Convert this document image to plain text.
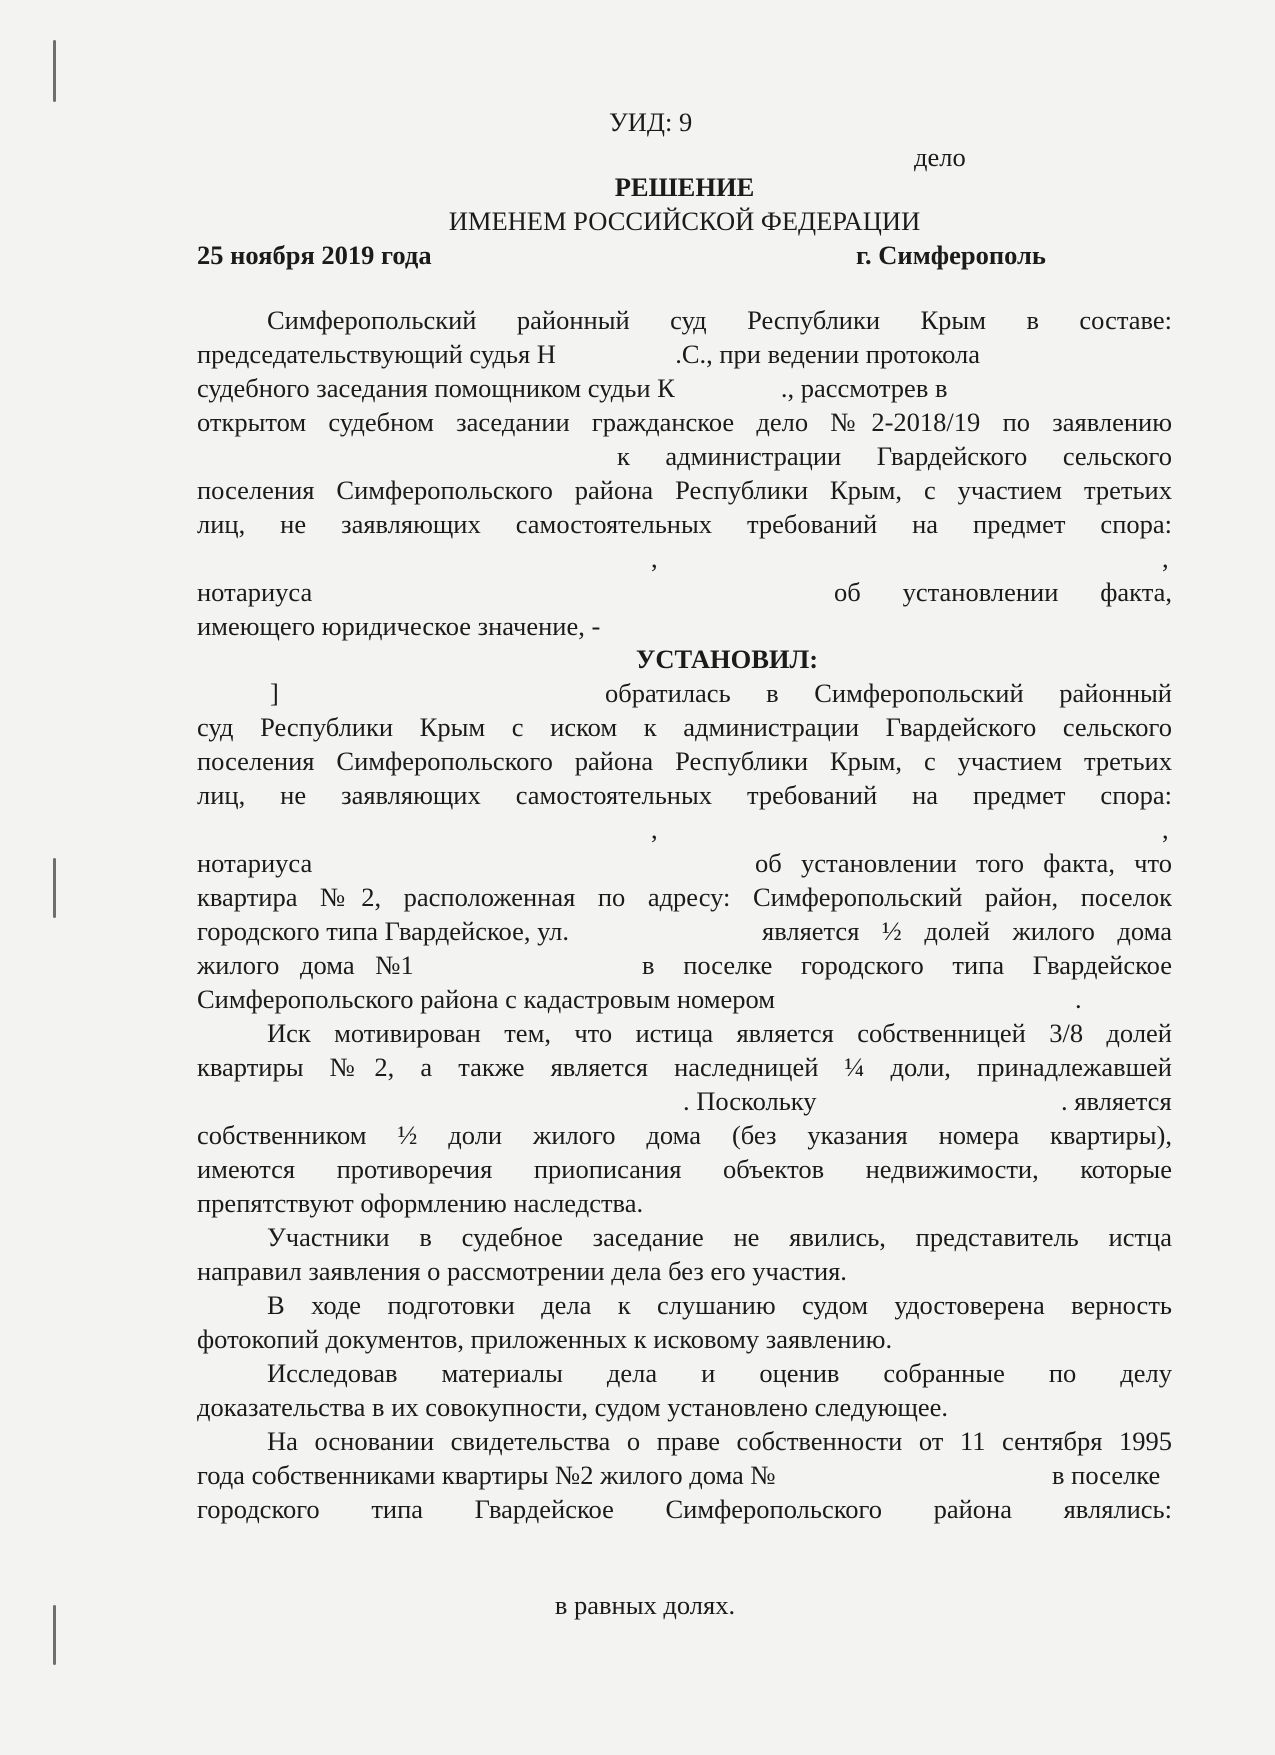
УИД: 9
дело
РЕШЕНИЕ
ИМЕНЕМ РОССИЙСКОЙ ФЕДЕРАЦИИ
25 ноября 2019 года	г. Симферополь
Симферопольский районный суд Республики Крым в составе:
председательствующий судья Н                  .С., при ведении протокола
судебного заседания помощником судьи К                ., рассмотрев в
открытом судебном заседании гражданское дело №2-2018/19 по заявлению
к администрации Гвардейского сельского
поселения Симферопольского района Республики Крым, с участием третьих
лиц, не заявляющих самостоятельных требований на предмет спора:
,	,
нотариуса	об установлении факта,
имеющего юридическое значение, -
УСТАНОВИЛ:
]	обратилась в Симферопольский районный
суд Республики Крым с иском к администрации Гвардейского сельского
поселения Симферопольского района Республики Крым, с участием третьих
лиц, не заявляющих самостоятельных требований на предмет спора:
,	,
нотариуса	об установлении того факта, что
квартира №2, расположенная по адресу: Симферопольский район, поселок
городского типа Гвардейское, ул.	является ½ долей жилого дома
жилого дома №1	в поселке городского типа Гвардейское
Симферопольского района с кадастровым номером	.
Иск мотивирован тем, что истица является собственницей 3/8 долей
квартиры №2, а также является наследницей ¼ доли, принадлежавшей
. Поскольку	. является
собственником ½ доли жилого дома (без указания номера квартиры),
имеются противоречия приописания объектов недвижимости, которые
препятствуют оформлению наследства.
Участники в судебное заседание не явились, представитель истца
направил заявления о рассмотрении дела без его участия.
В ходе подготовки дела к слушанию судом удостоверена верность
фотокопий документов, приложенных к исковому заявлению.
Исследовав материалы дела и оценив собранные по делу
доказательства в их совокупности, судом установлено следующее.
На основании свидетельства о праве собственности от 11 сентября 1995
года собственниками квартиры №2 жилого дома №	в поселке
городского типа Гвардейское Симферопольского района являлись:
в равных долях.
